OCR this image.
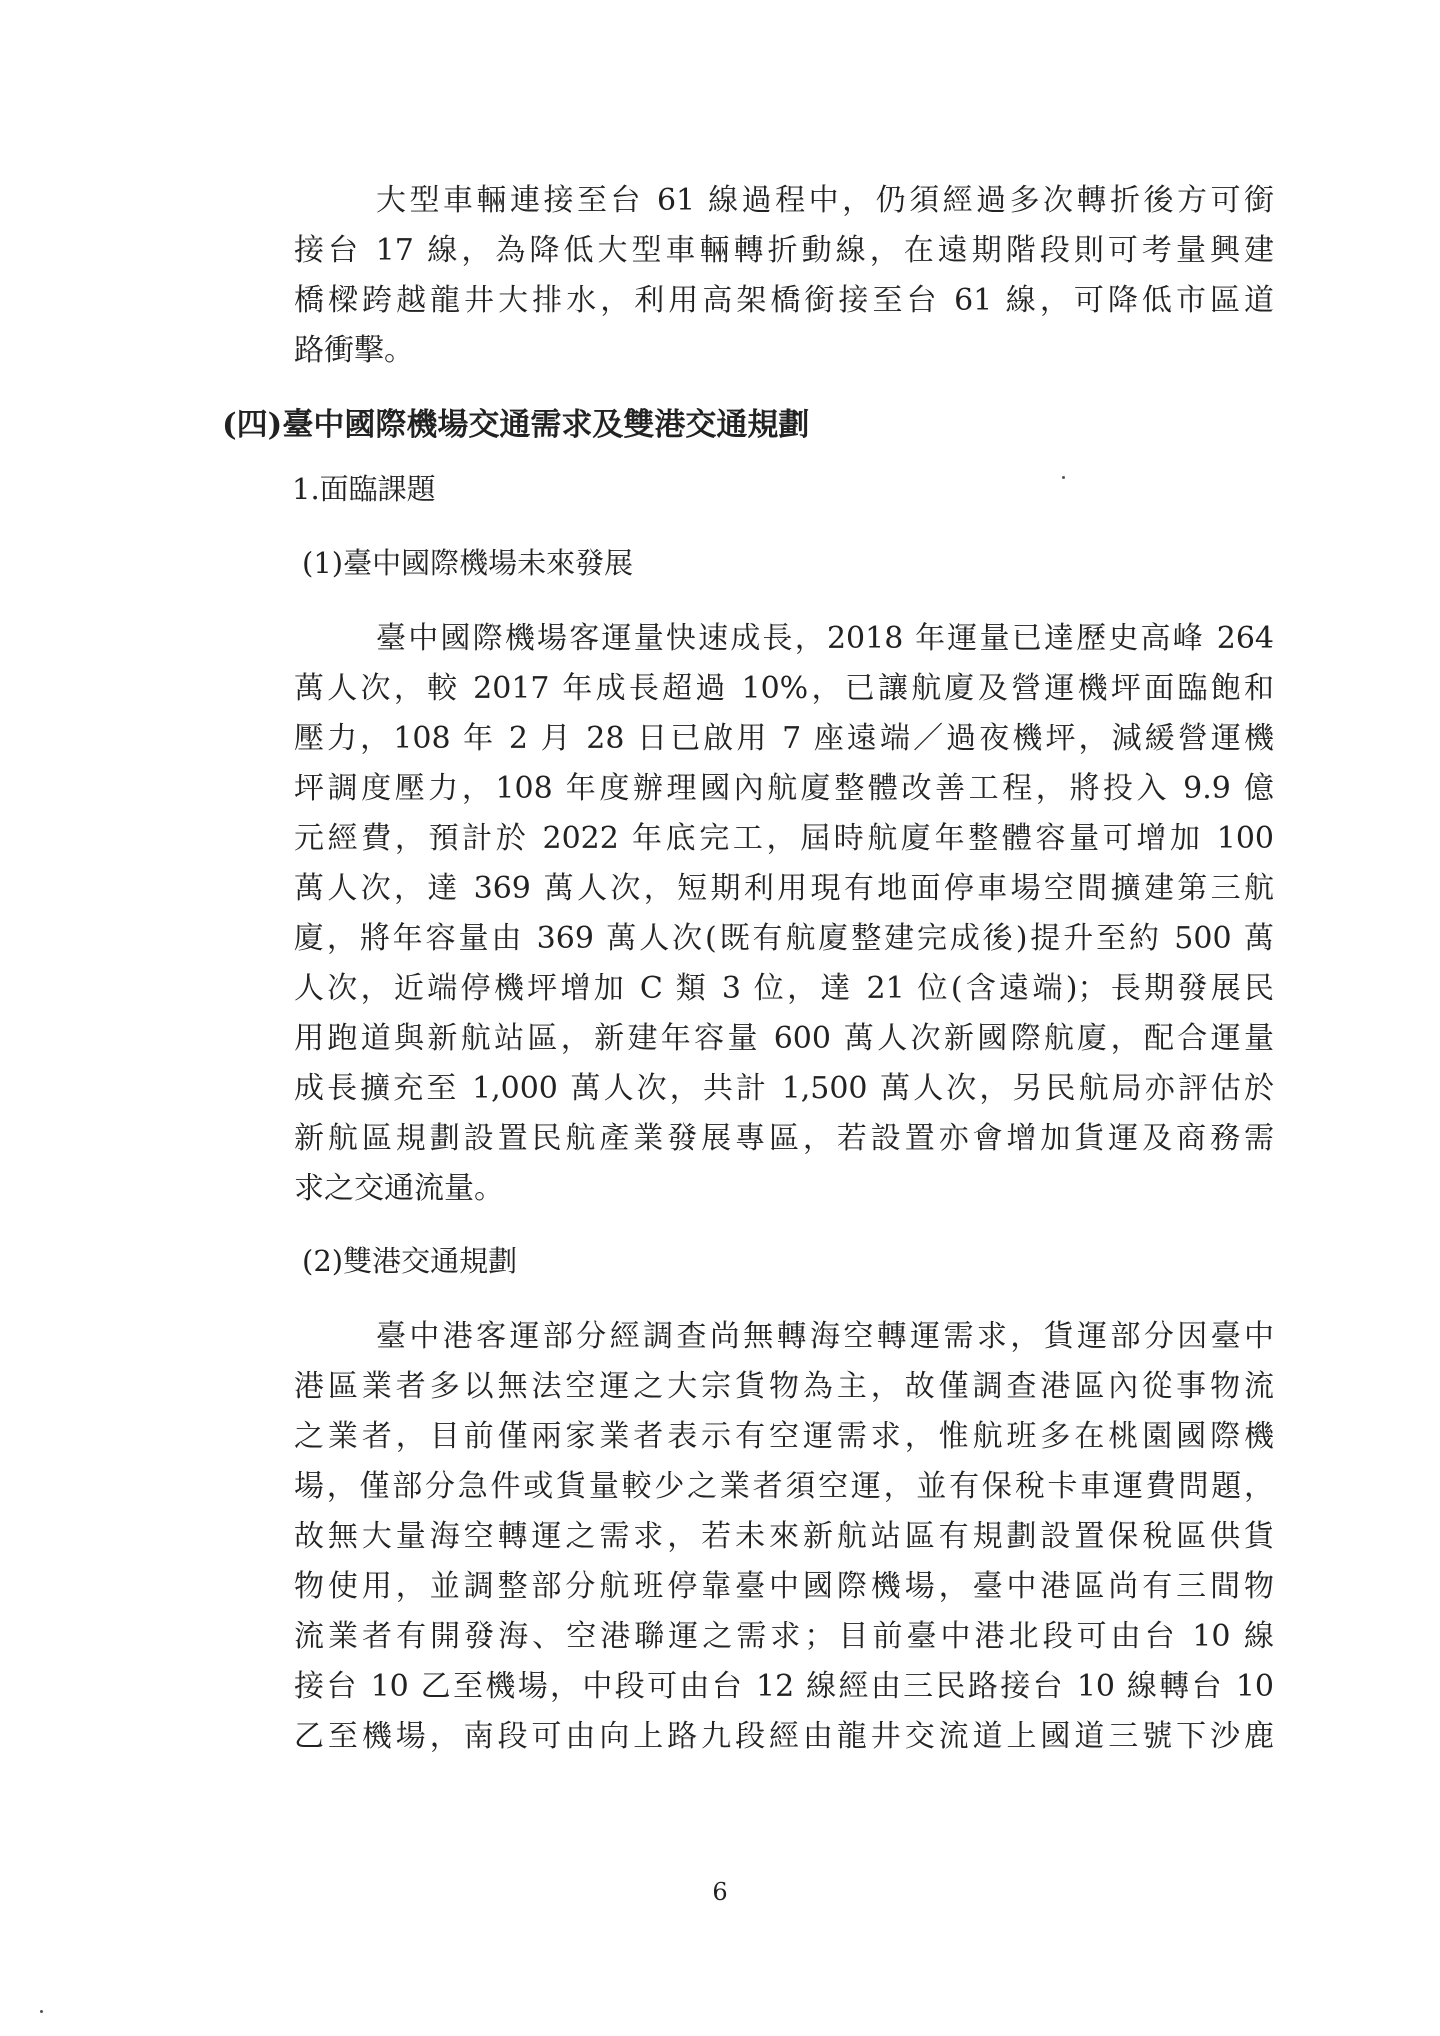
大型車輛連接至台 61 線過程中，仍須經過多次轉折後方可銜
接台 17 線，為降低大型車輛轉折動線，在遠期階段則可考量興建
橋樑跨越龍井大排水，利用高架橋銜接至台 61 線，可降低市區道
路衝擊。
(四)臺中國際機場交通需求及雙港交通規劃
1.面臨課題
(1)臺中國際機場未來發展
臺中國際機場客運量快速成長，2018 年運量已達歷史高峰 264
萬人次，較 2017 年成長超過 10%，已讓航廈及營運機坪面臨飽和
壓力，108 年 2 月 28 日已啟用 7 座遠端／過夜機坪，減緩營運機
坪調度壓力，108 年度辦理國內航廈整體改善工程，將投入 9.9 億
元經費，預計於 2022 年底完工，屆時航廈年整體容量可增加 100
萬人次，達 369 萬人次，短期利用現有地面停車場空間擴建第三航
廈，將年容量由 369 萬人次(既有航廈整建完成後)提升至約 500 萬
人次，近端停機坪增加 C 類 3 位，達 21 位(含遠端)；長期發展民
用跑道與新航站區，新建年容量 600 萬人次新國際航廈，配合運量
成長擴充至 1,000 萬人次，共計 1,500 萬人次，另民航局亦評估於
新航區規劃設置民航產業發展專區，若設置亦會增加貨運及商務需
求之交通流量。
(2)雙港交通規劃
臺中港客運部分經調查尚無轉海空轉運需求，貨運部分因臺中
港區業者多以無法空運之大宗貨物為主，故僅調查港區內從事物流
之業者，目前僅兩家業者表示有空運需求，惟航班多在桃園國際機
場，僅部分急件或貨量較少之業者須空運，並有保稅卡車運費問題，
故無大量海空轉運之需求，若未來新航站區有規劃設置保稅區供貨
物使用，並調整部分航班停靠臺中國際機場，臺中港區尚有三間物
流業者有開發海、空港聯運之需求；目前臺中港北段可由台 10 線
接台 10 乙至機場，中段可由台 12 線經由三民路接台 10 線轉台 10
乙至機場，南段可由向上路九段經由龍井交流道上國道三號下沙鹿
6
